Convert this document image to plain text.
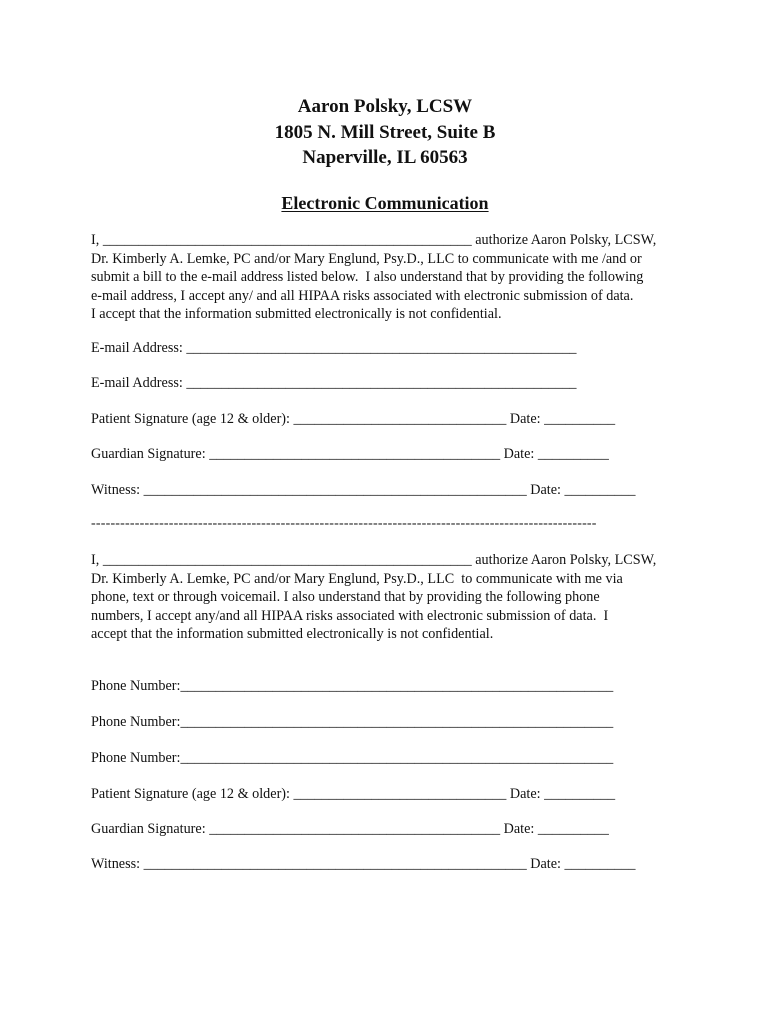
Aaron Polsky, LCSW
1805 N. Mill Street, Suite B
Naperville, IL 60563
Electronic Communication
I, ____________________________________________________ authorize Aaron Polsky, LCSW,
Dr. Kimberly A. Lemke, PC and/or Mary Englund, Psy.D., LLC to communicate with me /and or
submit a bill to the e-mail address listed below.  I also understand that by providing the following
e-mail address, I accept any/ and all HIPAA risks associated with electronic submission of data.
I accept that the information submitted electronically is not confidential.
E-mail Address: _______________________________________________________
E-mail Address: _______________________________________________________
Patient Signature (age 12 & older): ______________________________ Date: __________
Guardian Signature: _________________________________________ Date: __________
Witness: ______________________________________________________ Date: __________
--------------------------------------------------------------------------------------------------------
I, ____________________________________________________ authorize Aaron Polsky, LCSW,
Dr. Kimberly A. Lemke, PC and/or Mary Englund, Psy.D., LLC  to communicate with me via
phone, text or through voicemail. I also understand that by providing the following phone
numbers, I accept any/and all HIPAA risks associated with electronic submission of data.  I
accept that the information submitted electronically is not confidential.
Phone Number:_____________________________________________________________
Phone Number:_____________________________________________________________
Phone Number:_____________________________________________________________
Patient Signature (age 12 & older): ______________________________ Date: __________
Guardian Signature: _________________________________________ Date: __________
Witness: ______________________________________________________ Date: __________
